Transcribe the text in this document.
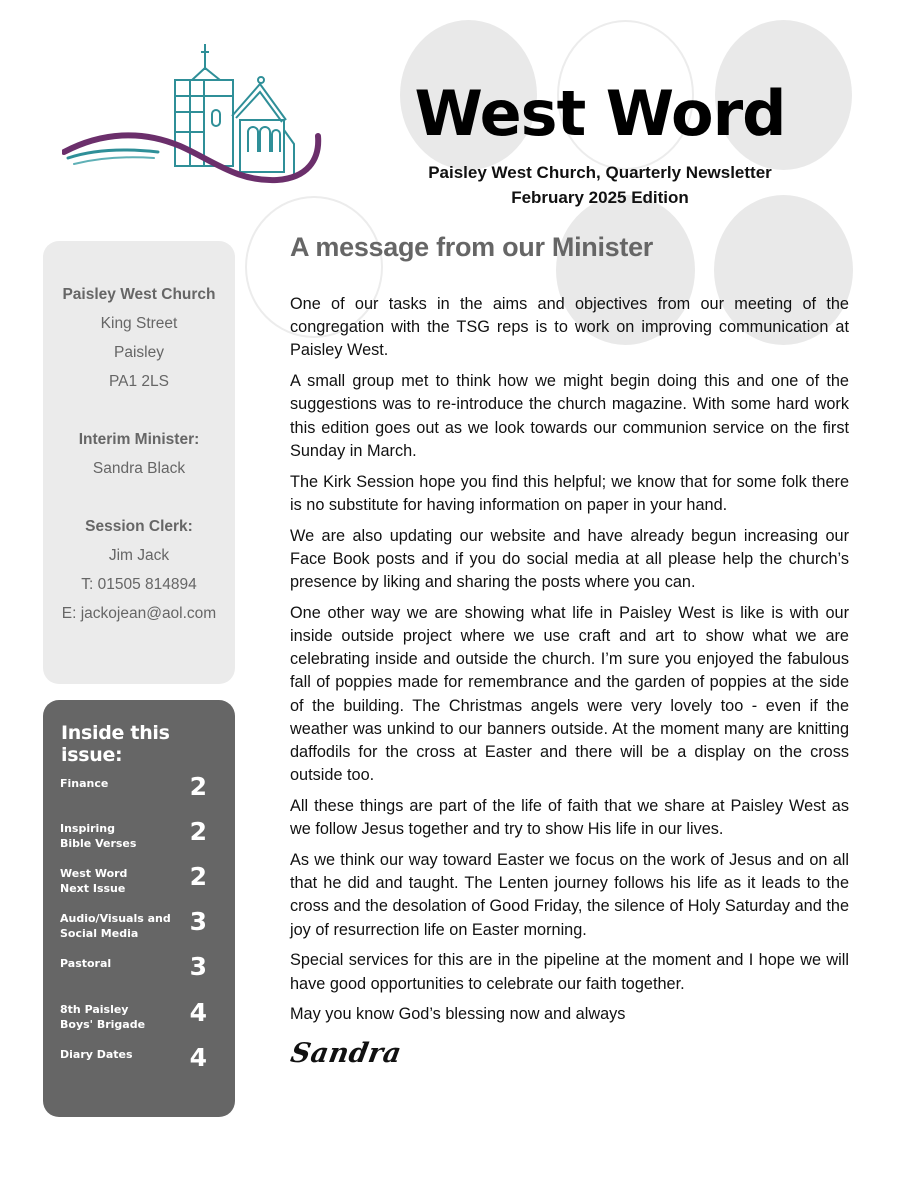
West Word
Paisley West Church, Quarterly Newsletter
February 2025 Edition
Paisley West Church
King Street
Paisley
PA1 2LS
Interim Minister:
Sandra Black
Session Clerk:
Jim Jack
T: 01505 814894
E: jackojean@aol.com
Inside this issue:
Finance	2
Inspiring
Bible Verses	2
West Word
Next Issue	2
Audio/Visuals and
Social Media	3
Pastoral	3
8th Paisley
Boys' Brigade	4
Diary Dates	4
A message from our Minister

One of our tasks in the aims and objectives from our meeting of the congregation with the TSG reps is to work on improving communication at Paisley West.

A small group met to think how we might begin doing this and one of the suggestions was to re-introduce the church magazine. With some hard work this edition goes out as we look towards our communion service on the first Sunday in March.

The Kirk Session hope you find this helpful; we know that for some folk there is no substitute for having information on paper in your hand.

We are also updating our website and have already begun increasing our Face Book posts and if you do social media at all please help the church’s presence by liking and sharing the posts where you can.

One other way we are showing what life in Paisley West is like is with our inside outside project where we use craft and art to show what we are celebrating inside and outside the church. I’m sure you enjoyed the fabulous fall of poppies made for remembrance and the garden of poppies at the side of the building. The Christmas angels were very lovely too - even if the weather was unkind to our banners outside. At the moment many are knitting daffodils for the cross at Easter and there will be a display on the cross outside too.

All these things are part of the life of faith that we share at Paisley West as we follow Jesus together and try to show His life in our lives.

As we think our way toward Easter we focus on the work of Jesus and on all that he did and taught. The Lenten journey follows his life as it leads to the cross and the desolation of Good Friday, the silence of Holy Saturday and the joy of resurrection life on Easter morning.

Special services for this are in the pipeline at the moment and I hope we will have good opportunities to celebrate our faith together.

May you know God’s blessing now and always

Sandra
